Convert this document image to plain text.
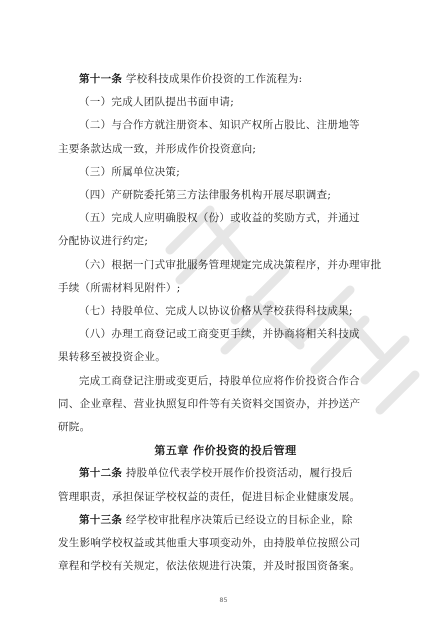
第十一条 学校科技成果作价投资的工作流程为:

（一）完成人团队提出书面申请;

（二）与合作方就注册资本、知识产权所占股比、注册地等

主要条款达成一致，并形成作价投资意向;

（三）所属单位决策;

（四）产研院委托第三方法律服务机构开展尽职调查;

（五）完成人应明确股权（份）或收益的奖励方式，并通过

分配协议进行约定;

（六）根据一门式审批服务管理规定完成决策程序，并办理审批

手续（所需材料见附件）;

（七）持股单位、完成人以协议价格从学校获得科技成果;

（八）办理工商登记或工商变更手续，并协商将相关科技成

果转移至被投资企业。

完成工商登记注册或变更后，持股单位应将作价投资合作合

同、企业章程、营业执照复印件等有关资料交国资办，并抄送产

研院。

第五章 作价投资的投后管理

第十二条 持股单位代表学校开展作价投资活动，履行投后

管理职责，承担保证学校权益的责任，促进目标企业健康发展。

第十三条 经学校审批程序决策后已经设立的目标企业，除

发生影响学校权益或其他重大事项变动外，由持股单位按照公司

章程和学校有关规定，依法依规进行决策，并及时报国资备案。

85
